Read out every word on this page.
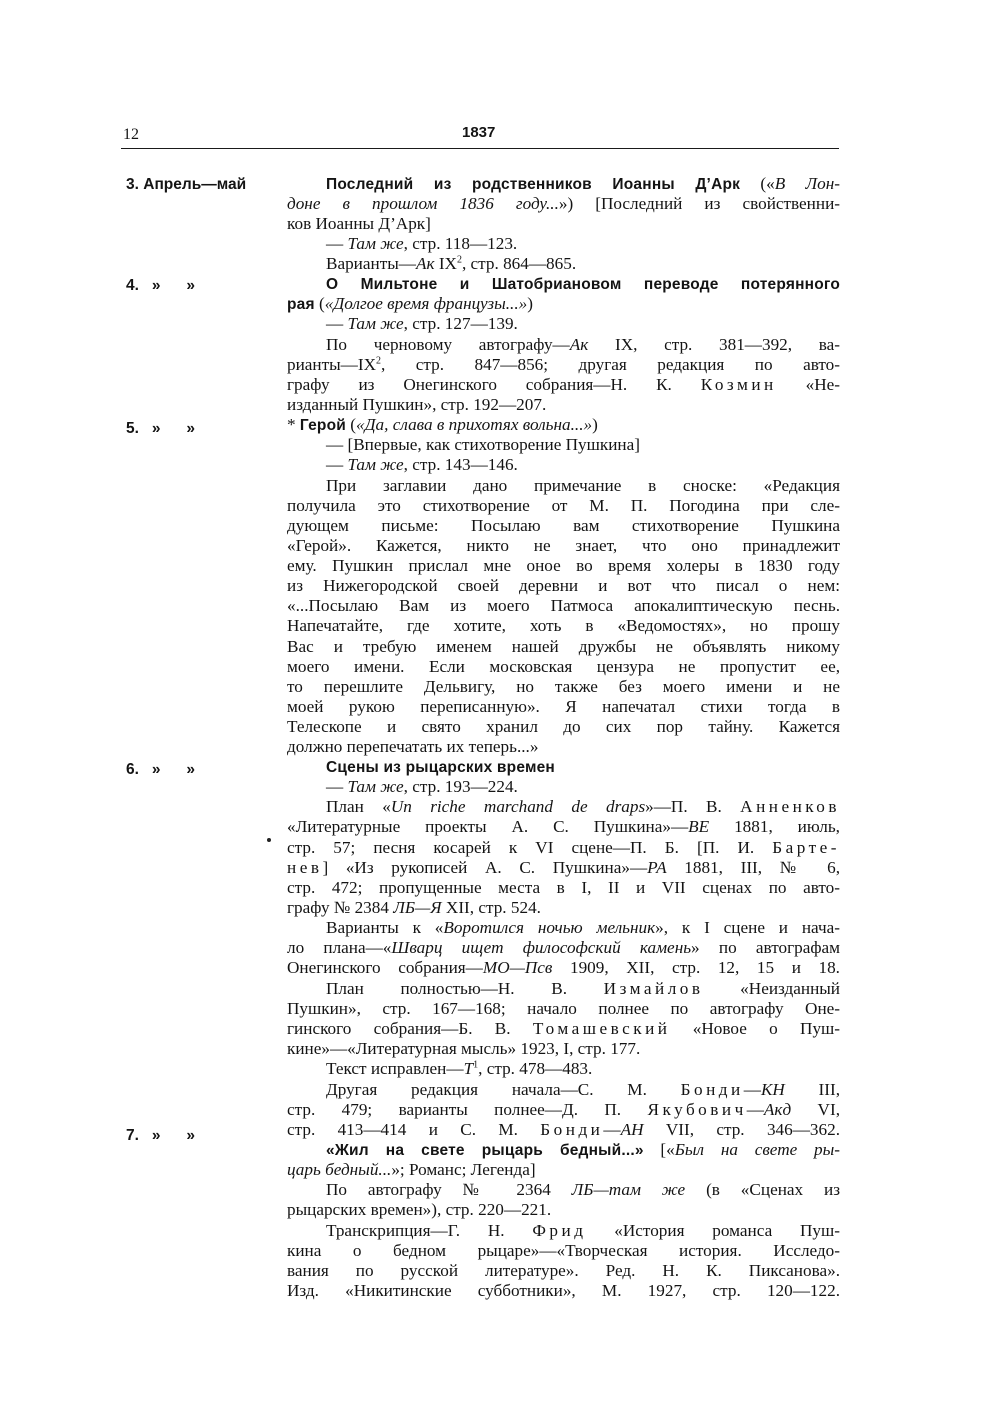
12	1837
3. Апрель—май
4. »      »
5. »      »
6. »      »
7. »      »
Последний из родственников Иоанны Д’Арк («В Лон-
доне в прошлом 1836 году...») [Последний из свойственни-
ков Иоанны Д’Арк]
— Там же, стр. 118—123.
Варианты—Ак $IX^2$, стр. 864—865.
О Мильтоне и Шатобриановом переводе потерянного
рая («Долгое время французы...»)
— Там же, стр. 127—139.
По черновому автографу—Ак IX, стр. 381—392, ва-
$рианты—IX^2$, стр. 847—856; другая редакция по авто-
графу из Онегинского собрания—Н. К. Козмин «Не-
изданный Пушкин», стр. 192—207.
* Герой («Да, слава в прихотях вольна...»)
— [Впервые, как стихотворение Пушкина]
— Там же, стр. 143—146.
При заглавии дано примечание в сноске: «Редакция
получила это стихотворение от М. П. Погодина при сле-
дующем письме: Посылаю вам стихотворение Пушкина
«Герой». Кажется, никто не знает, что оно принадлежит
ему. Пушкин прислал мне оное во время холеры в 1830 году
из Нижегородской своей деревни и вот что писал о нем:
«...Посылаю Вам из моего Патмоса апокалиптическую песнь.
Напечатайте, где хотите, хоть в «Ведомостях», но прошу
Вас и требую именем нашей дружбы не объявлять никому
моего имени. Если московская цензура не пропустит ее,
то перешлите Дельвигу, но также без моего имени и не
моей рукою переписанную». Я напечатал стихи тогда в
Телескопе и свято хранил до сих пор тайну. Кажется
должно перепечатать их теперь...»
Сцены из рыцарских времен
— Там же, стр. 193—224.
План «Un riche marchand de draps»—П. В. Анненков
«Литературные проекты А. С. Пушкина»—ВЕ 1881, июль,
стр. 57; песня косарей к VI сцене—П. Б. [П. И. Барте-
нев] «Из рукописей А. С. Пушкина»—РА 1881, III, № 6,
стр. 472; пропущенные места в I, II и VII сценах по авто-
графу № 2384 ЛБ—Я XII, стр. 524.
Варианты к «Воротился ночью мельник», к I сцене и нача-
ло плана—«Шварц ищет философский камень» по автографам
Онегинского собрания—МО—Псв 1909, XII, стр. 12, 15 и 18.
План полностью—Н. В. Измайлов «Неизданный
Пушкин», стр. 167—168; начало полнее по автографу Оне-
гинского собрания—Б. В. Томашевский «Новое о Пуш-
кине»—«Литературная мысль» 1923, I, стр. 177.
Текст $исправлен—Т^1$, стр. 478—483.
Другая редакция начала—С. М. Бонди—КН III,
стр. 479; варианты полнее—Д. П. Якубович—Акд VI,
стр. 413—414 и С. М. Бонди—АН VII, стр. 346—362.
«Жил на свете рыцарь бедный...» [«Был на свете ры-
царь бедный...»; Романс; Легенда]
По автографу № 2364 ЛБ—там же (в «Сценах из
рыцарских времен»), стр. 220—221.
Транскрипция—Г. Н. Фрид «История романса Пуш-
кина о бедном рыцаре»—«Творческая история. Исследо-
вания по русской литературе». Ред. Н. К. Пиксанова».
Изд. «Никитинские субботники», М. 1927, стр. 120—122.
